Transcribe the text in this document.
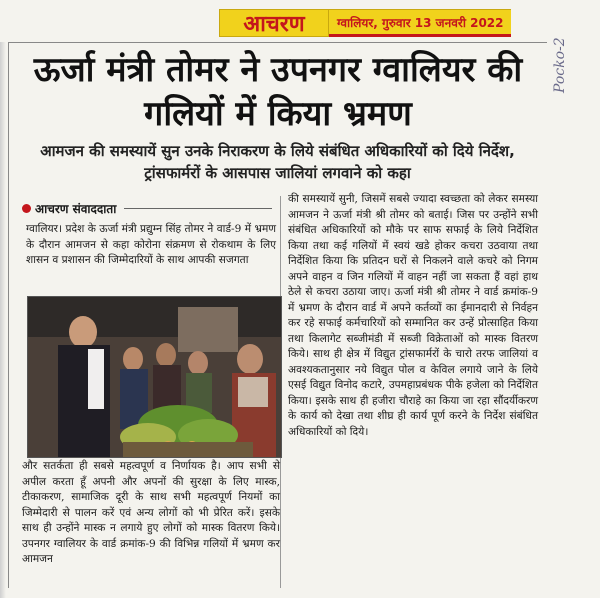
आचरण	ग्वालियर, गुरुवार 13 जनवरी 2022
Pocko-2
ऊर्जा मंत्री तोमर ने उपनगर ग्वालियर की गलियों में किया भ्रमण
आमजन की समस्यायें सुन उनके निराकरण के लिये संबंधित अधिकारियों को दिये निर्देश, ट्रांसफार्मरों के आसपास जालियां लगवाने को कहा
आचरण संवाददाता
ग्वालियर। प्रदेश के ऊर्जा मंत्री प्रद्युम्न सिंह तोमर ने वार्ड-9 में भ्रमण के दौरान आमजन से कहा कोरोना संक्रमण से रोकथाम के लिए शासन व प्रशासन की जिम्मेदारियों के साथ आपकी सजगता
और सतर्कता ही सबसे महत्वपूर्ण व निर्णायक है। आप सभी से अपील करता हूँ अपनी और अपनों की सुरक्षा के लिए मास्क, टीकाकरण, सामाजिक दूरी के साथ सभी महत्वपूर्ण नियमों का जिम्मेदारी से पालन करें एवं अन्य लोगों को भी प्रेरित करें। इसके साथ ही उन्होंने मास्क न लगाये हुए लोगों को मास्क वितरण किये। उपनगर ग्वालियर के वार्ड क्रमांक-9 की विभिन्न गलियों में भ्रमण कर आमजन
की समस्यायें सुनी, जिसमें सबसे ज्यादा स्वच्छता को लेकर समस्या आमजन ने ऊर्जा मंत्री श्री तोमर को बताई। जिस पर उन्होंने सभी संबंधित अधिकारियों को मौके पर साफ सफाई के लिये निर्देशित किया तथा कई गलियों में स्वयं खडे होकर कचरा उठवाया तथा निर्देशित किया कि प्रतिदन घरों से निकलने वाले कचरे को निगम अपने वाहन व जिन गलियों में वाहन नहीं जा सकता हैं वहां हाथ ठेले से कचरा उठाया जाए। ऊर्जा मंत्री श्री तोमर ने वार्ड क्रमांक-9 में भ्रमण के दौरान वार्ड में अपने कर्तव्यों का ईमानदारी से निर्वहन कर रहे सफाई कर्मचारियों को सम्मानित कर उन्हें प्रोत्साहित किया तथा किलागेट सब्जीमंडी में सब्जी विक्रेताओं को मास्क वितरण किये। साथ ही क्षेत्र में विद्युत ट्रांसफार्मरों के चारो तरफ जालियां व अवश्यकतानुसार नये विद्युत पोल व केविल लगाये जाने के लिये एसई विद्युत विनोद कटारे, उपमहाप्रबंधक पीके हजेला को निर्देशित किया। इसके साथ ही हजीरा चौराहे का किया जा रहा सौंदर्यीकरण के कार्य को देखा तथा शीघ्र ही कार्य पूर्ण करने के निर्देश संबंधित अधिकारियों को दिये।
